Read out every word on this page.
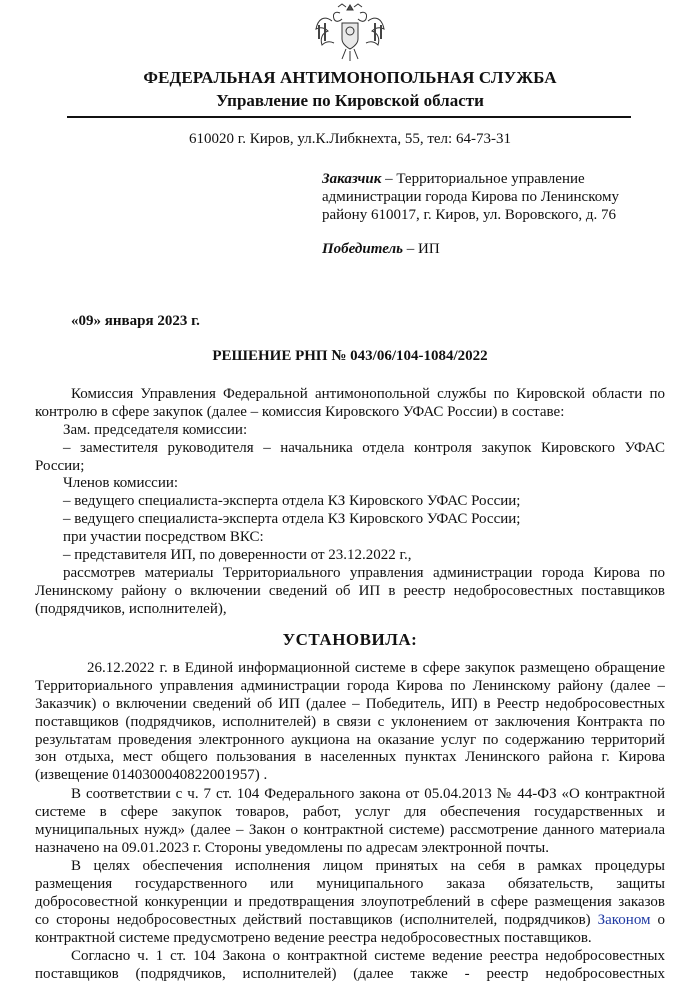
ФЕДЕРАЛЬНАЯ АНТИМОНОПОЛЬНАЯ СЛУЖБА
Управление по Кировской области
610020 г. Киров, ул.К.Либкнехта, 55, тел: 64-73-31
Заказчик – Территориальное управление
администрации города Кирова по Ленинскому
району 610017, г. Киров, ул. Воровского, д. 76
Победитель – ИП
«09» января 2023 г.
РЕШЕНИЕ РНП № 043/06/104-1084/2022
Комиссия Управления Федеральной антимонопольной службы по Кировской области по
контролю в сфере закупок (далее – комиссия Кировского УФАС России) в составе:
Зам. председателя комиссии:
– заместителя руководителя – начальника отдела контроля закупок Кировского УФАС
России;
Членов комиссии:
– ведущего специалиста-эксперта отдела КЗ Кировского УФАС России;
– ведущего специалиста-эксперта отдела КЗ Кировского УФАС России;
при участии посредством ВКС:
– представителя ИП, по доверенности от 23.12.2022 г.,
рассмотрев материалы Территориального управления администрации города Кирова по
Ленинскому району о включении сведений об ИП в реестр недобросовестных поставщиков
(подрядчиков, исполнителей),
УСТАНОВИЛА:
26.12.2022 г. в Единой информационной системе в сфере закупок размещено обращение
Территориального управления администрации города Кирова по Ленинскому району (далее –
Заказчик) о включении сведений об ИП (далее – Победитель, ИП) в Реестр недобросовестных
поставщиков (подрядчиков, исполнителей) в связи с уклонением от заключения Контракта по
результатам проведения электронного аукциона на оказание услуг по содержанию территорий
зон отдыха, мест общего пользования в населенных пунктах Ленинского района г. Кирова
(извещение 0140300040822001957) .
В соответствии с ч. 7 ст. 104 Федерального закона от 05.04.2013 № 44-ФЗ «О контрактной
системе в сфере закупок товаров, работ, услуг для обеспечения государственных и
муниципальных нужд» (далее – Закон о контрактной системе) рассмотрение данного материала
назначено на 09.01.2023 г. Стороны уведомлены по адресам электронной почты.
В целях обеспечения исполнения лицом принятых на себя в рамках процедуры
размещения государственного или муниципального заказа обязательств, защиты
добросовестной конкуренции и предотвращения злоупотреблений в сфере размещения заказов
со стороны недобросовестных действий поставщиков (исполнителей, подрядчиков) Законом о
контрактной системе предусмотрено ведение реестра недобросовестных поставщиков.
Согласно ч. 1 ст. 104 Закона о контрактной системе ведение реестра недобросовестных
поставщиков (подрядчиков, исполнителей) (далее также - реестр недобросовестных
